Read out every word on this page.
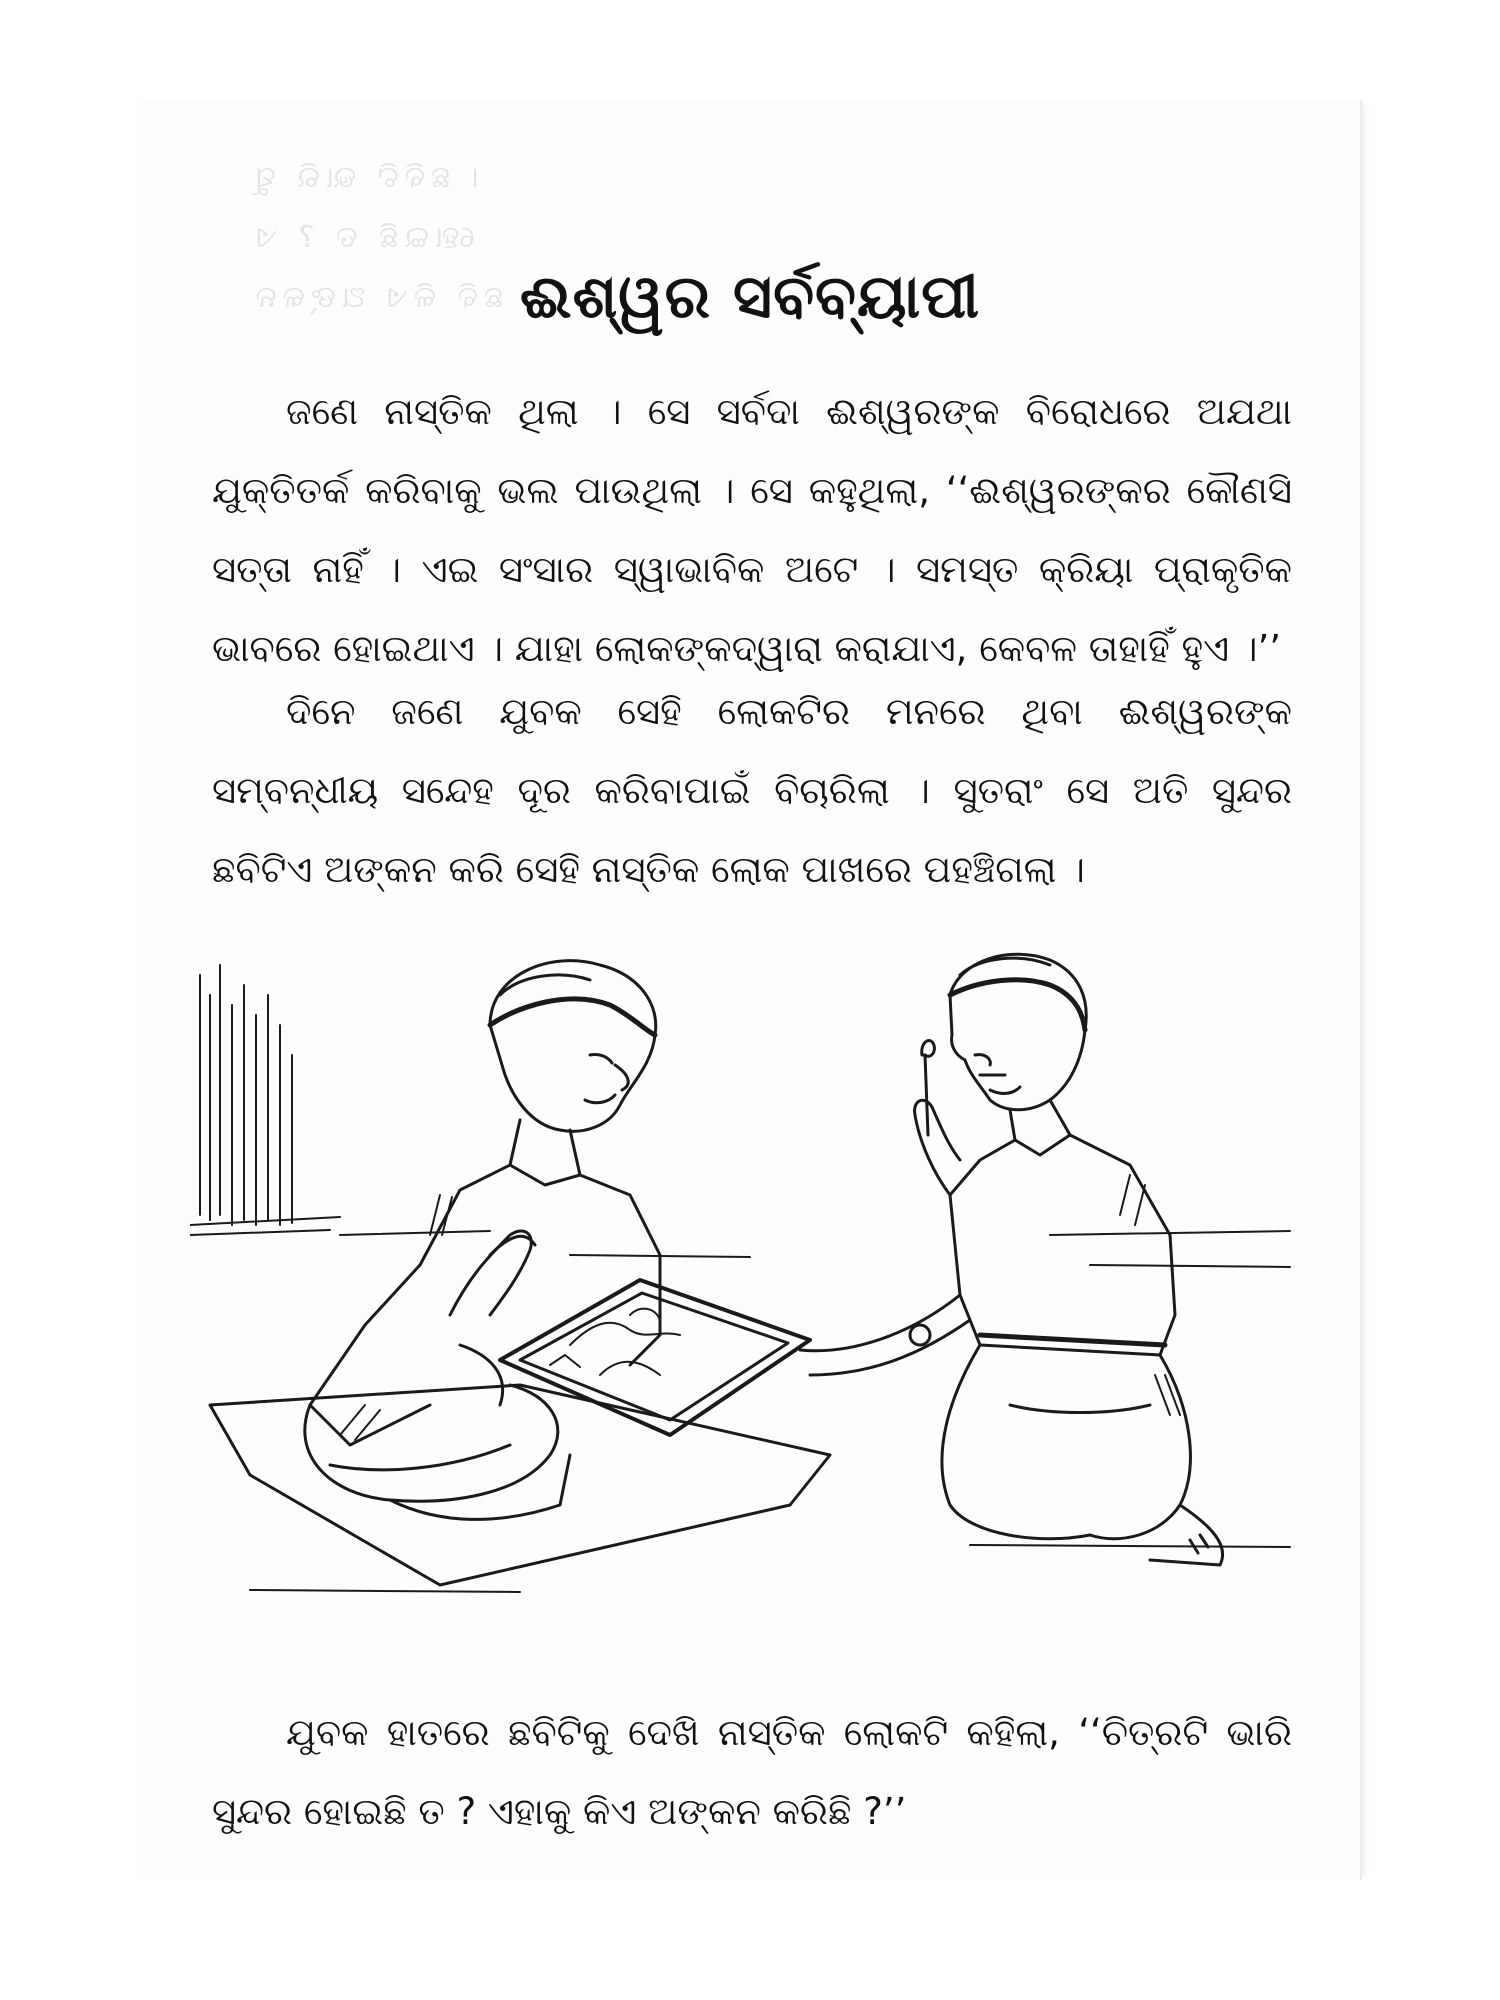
। ଛବିଟି ଭାରି ସୁ
ହୋଇଛି ତ ? ଏ
ଛବି କିଏ ଅଙ୍କନ ଈଶ୍ୱର ସର୍ବବ୍ୟାପୀ

ଜଣେ ନାସ୍ତିକ ଥିଲା । ସେ ସର୍ବଦା ଈଶ୍ୱରଙ୍କ ବିରୋଧରେ ଅଯଥା ଯୁକ୍ତିତର୍କ କରିବାକୁ ଭଲ ପାଉଥିଲା । ସେ କହୁଥିଲା, ‘‘ଈଶ୍ୱରଙ୍କର କୌଣସି ସତ୍ତା ନାହିଁ । ଏଇ ସଂସାର ସ୍ୱାଭାବିକ ଅଟେ । ସମସ୍ତ କ୍ରିୟା ପ୍ରାକୃତିକ ଭାବରେ ହୋଇଥାଏ । ଯାହା ଲୋକଙ୍କଦ୍ୱାରା କରାଯାଏ, କେବଳ ତାହାହିଁ ହୁଏ ।’’

ଦିନେ ଜଣେ ଯୁବକ ସେହି ଲୋକଟିର ମନରେ ଥିବା ଈଶ୍ୱରଙ୍କ ସମ୍ବନ୍ଧୀୟ ସନ୍ଦେହ ଦୂର କରିବାପାଇଁ ବିଚାରିଲା । ସୁତରାଂ ସେ ଅତି ସୁନ୍ଦର ଛବିଟିଏ ଅଙ୍କନ କରି ସେହି ନାସ୍ତିକ ଲୋକ ପାଖରେ ପହଞ୍ଚିଗଲା ।

ଯୁବକ ହାତରେ ଛବିଟିକୁ ଦେଖି ନାସ୍ତିକ ଲୋକଟି କହିଲା, ‘‘ଚିତ୍ରଟି ଭାରି ସୁନ୍ଦର ହୋଇଛି ତ ? ଏହାକୁ କିଏ ଅଙ୍କନ କରିଛି ?’’
